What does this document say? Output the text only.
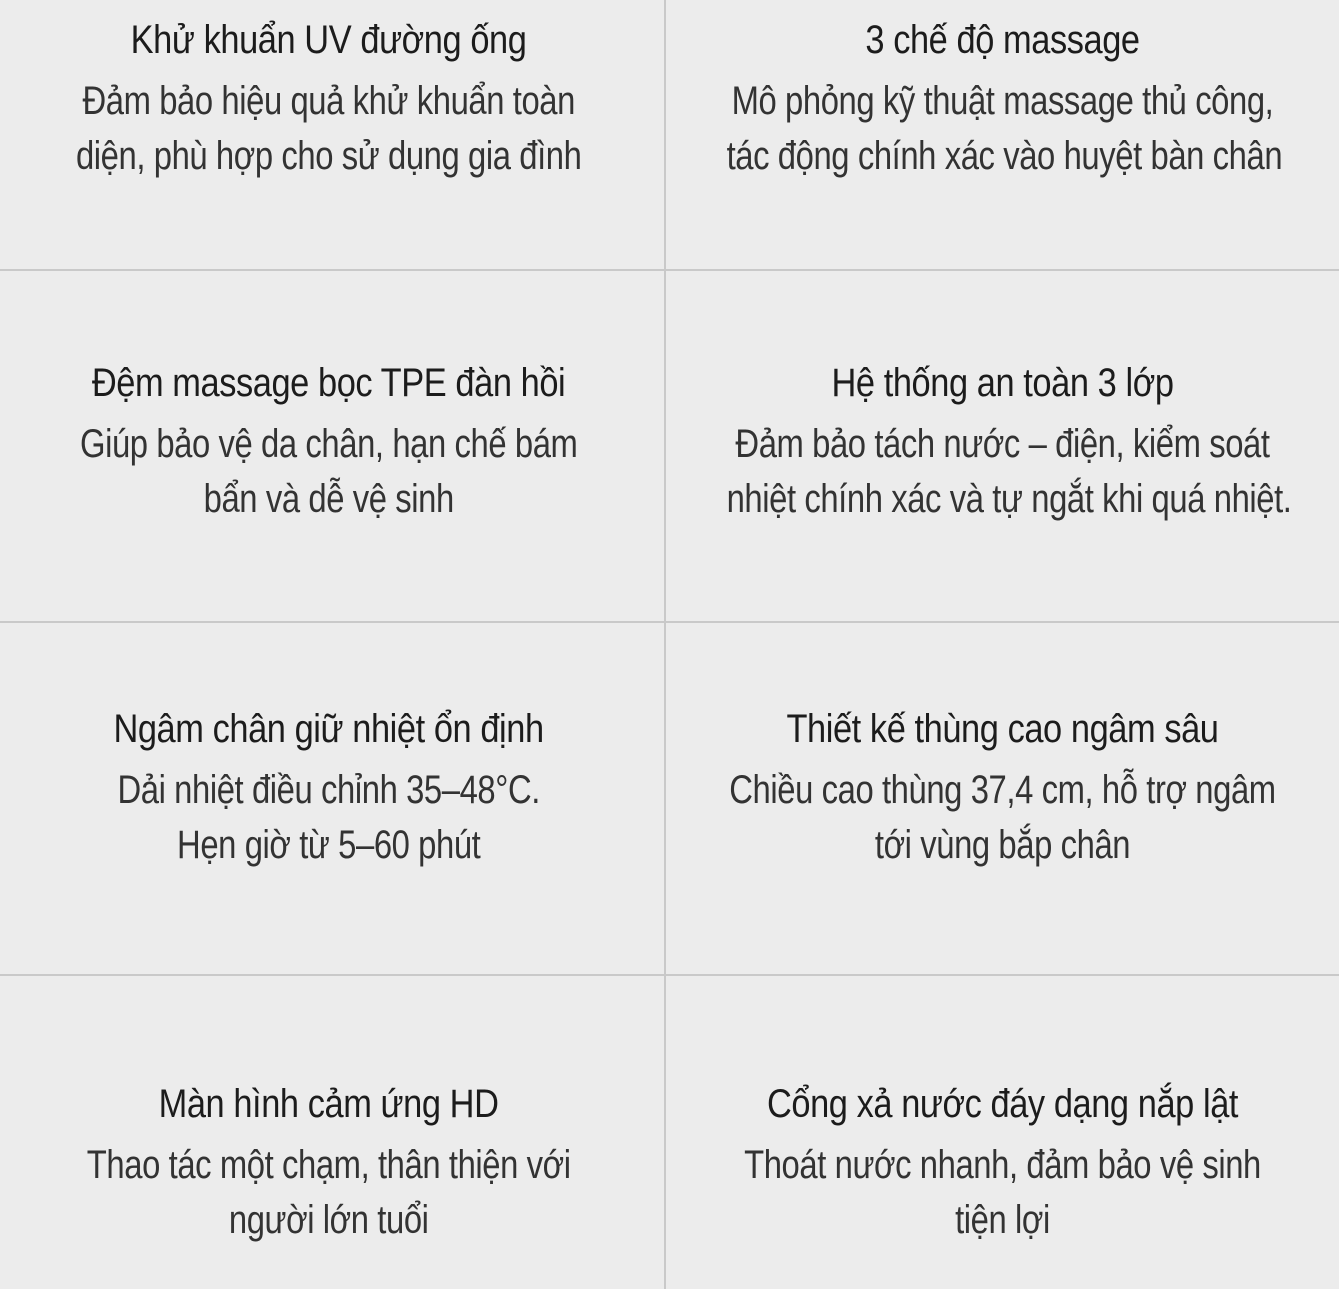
Khử khuẩn UV đường ống
Đảm bảo hiệu quả khử khuẩn toàn
diện, phù hợp cho sử dụng gia đình
3 chế độ massage
Mô phỏng kỹ thuật massage thủ công,
tác động chính xác vào huyệt bàn chân
Đệm massage bọc TPE đàn hồi
Giúp bảo vệ da chân, hạn chế bám
bẩn và dễ vệ sinh
Hệ thống an toàn 3 lớp
Đảm bảo tách nước – điện, kiểm soát
nhiệt chính xác và tự ngắt khi quá nhiệt.
Ngâm chân giữ nhiệt ổn định
Dải nhiệt điều chỉnh 35–48°C.
Hẹn giờ từ 5–60 phút
Thiết kế thùng cao ngâm sâu
Chiều cao thùng 37,4 cm, hỗ trợ ngâm
tới vùng bắp chân
Màn hình cảm ứng HD
Thao tác một chạm, thân thiện với
người lớn tuổi
Cổng xả nước đáy dạng nắp lật
Thoát nước nhanh, đảm bảo vệ sinh
tiện lợi
